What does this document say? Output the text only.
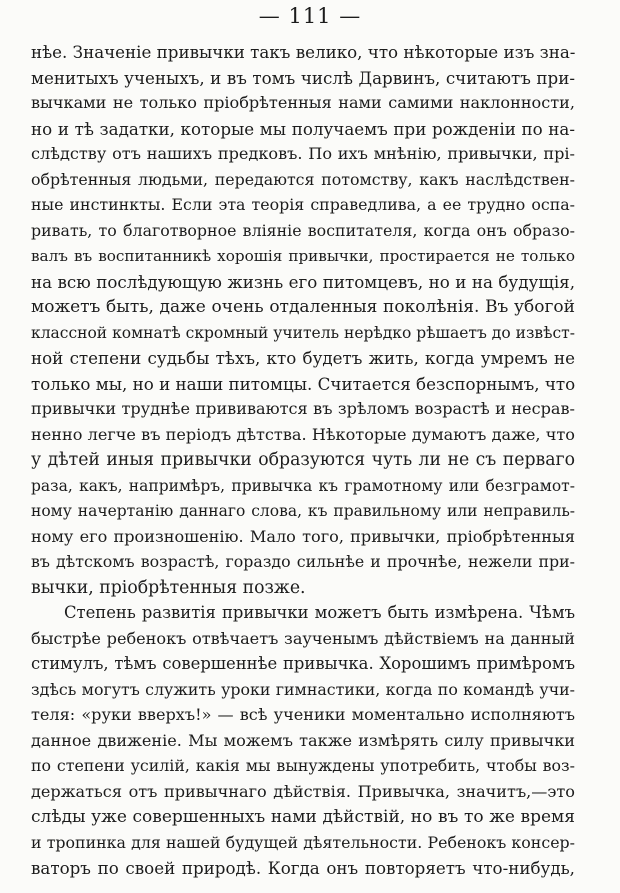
— 111 —
нѣе. Значеніе привычки такъ велико, что нѣкоторые изъ зна-
менитыхъ ученыхъ, и въ томъ числѣ Дарвинъ, считаютъ при-
вычками не только пріобрѣтенныя нами самими наклонности,
но и тѣ задатки, которые мы получаемъ при рожденіи по на-
слѣдству отъ нашихъ предковъ. По ихъ мнѣнію, привычки, прі-
обрѣтенныя людьми, передаются потомству, какъ наслѣдствен-
ные инстинкты. Если эта теорія справедлива, а ее трудно оспа-
ривать, то благотворное вліяніе воспитателя, когда онъ образо-
валъ въ воспитанникѣ хорошія привычки, простирается не только
на всю послѣдующую жизнь его питомцевъ, но и на будущія,
можетъ быть, даже очень отдаленныя поколѣнія. Въ убогой
классной комнатѣ скромный учитель нерѣдко рѣшаетъ до извѣст-
ной степени судьбы тѣхъ, кто будетъ жить, когда умремъ не
только мы, но и наши питомцы. Считается безспорнымъ, что
привычки труднѣе прививаются въ зрѣломъ возрастѣ и несрав-
ненно легче въ періодъ дѣтства. Нѣкоторые думаютъ даже, что
у дѣтей иныя привычки образуются чуть ли не съ перваго
раза, какъ, напримѣръ, привычка къ грамотному или безграмот-
ному начертанію даннаго слова, къ правильному или неправиль-
ному его произношенію. Мало того, привычки, пріобрѣтенныя
въ дѣтскомъ возрастѣ, гораздо сильнѣе и прочнѣе, нежели при-
вычки, пріобрѣтенныя позже.
Степень развитія привычки можетъ быть измѣрена. Чѣмъ
быстрѣе ребенокъ отвѣчаетъ заученымъ дѣйствіемъ на данный
стимулъ, тѣмъ совершеннѣе привычка. Хорошимъ примѣромъ
здѣсь могутъ служить уроки гимнастики, когда по командѣ учи-
теля: «руки вверхъ!» — всѣ ученики моментально исполняютъ
данное движеніе. Мы можемъ также измѣрять силу привычки
по степени усилій, какія мы вынуждены употребить, чтобы воз-
держаться отъ привычнаго дѣйствія. Привычка, значитъ,—это
слѣды уже совершенныхъ нами дѣйствій, но въ то же время
и тропинка для нашей будущей дѣятельности. Ребенокъ консер-
ваторъ по своей природѣ. Когда онъ повторяетъ что-нибудь,
